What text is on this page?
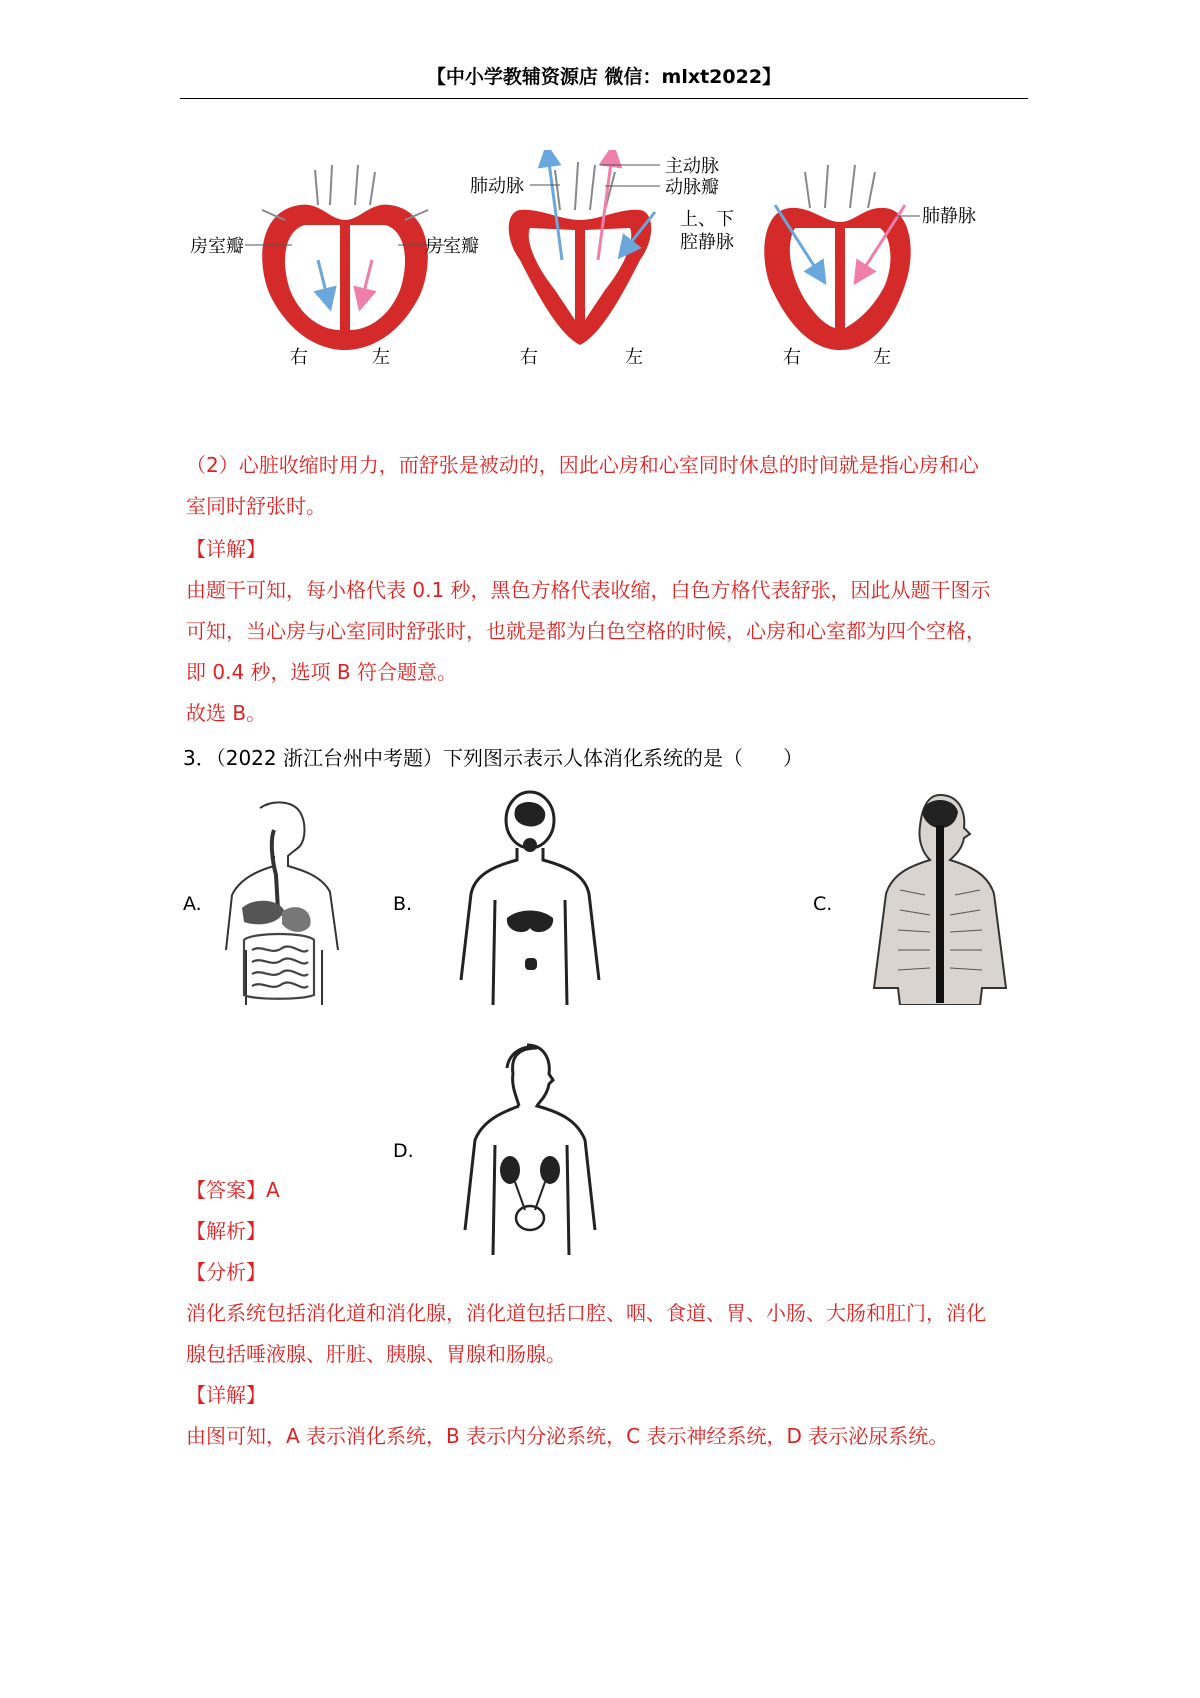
【中小学教辅资源店 微信：mlxt2022】
房室瓣	房室瓣
右	左
肺动脉
主动脉
动脉瓣
上、下
腔静脉
右	左
肺静脉
右	左
（2）心脏收缩时用力，而舒张是被动的，因此心房和心室同时休息的时间就是指心房和心
室同时舒张时。
【详解】
由题干可知，每小格代表 0.1 秒，黑色方格代表收缩，白色方格代表舒张，因此从题干图示
可知，当心房与心室同时舒张时，也就是都为白色空格的时候，心房和心室都为四个空格，
即 0.4 秒，选项 B 符合题意。
故选 B。
3．（2022 浙江台州中考题）下列图示表示人体消化系统的是（　　）
A.	B.	C.
D.
【答案】A
【解析】
【分析】
消化系统包括消化道和消化腺，消化道包括口腔、咽、食道、胃、小肠、大肠和肛门，消化
腺包括唾液腺、肝脏、胰腺、胃腺和肠腺。
【详解】
由图可知，A 表示消化系统，B 表示内分泌系统，C 表示神经系统，D 表示泌尿系统。
